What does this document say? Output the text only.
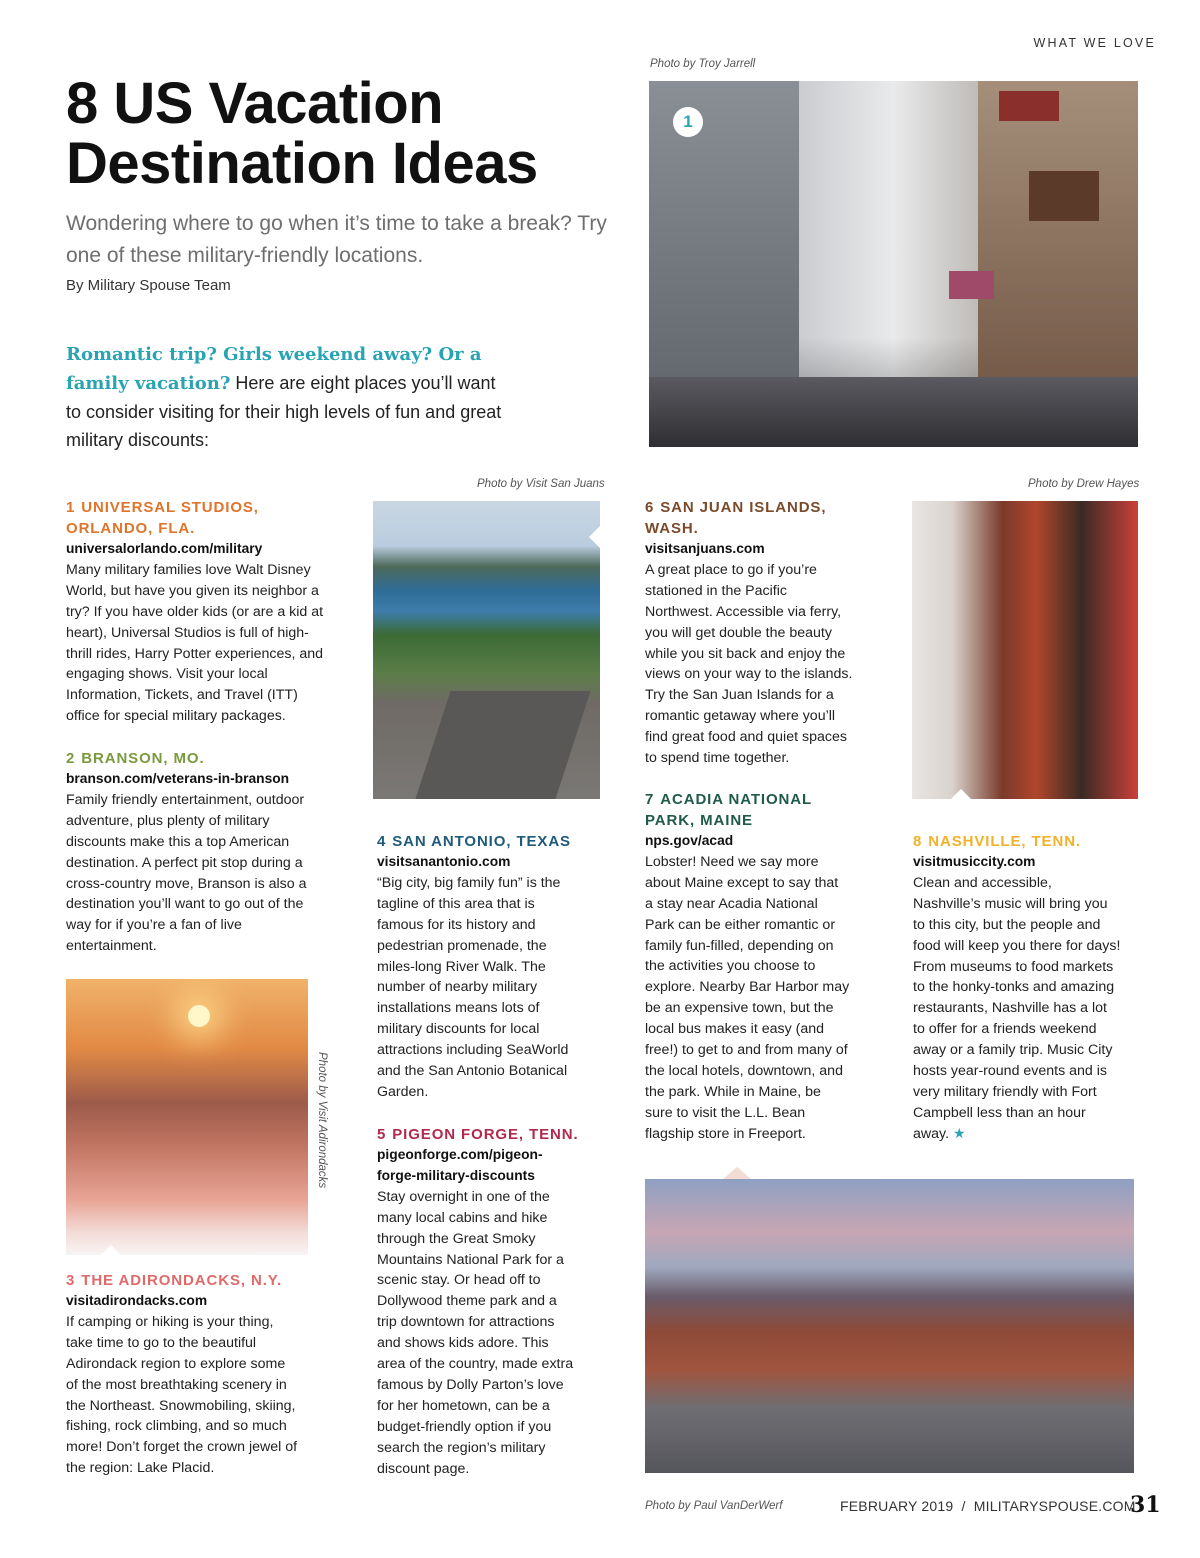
WHAT WE LOVE
8 US Vacation Destination Ideas
Wondering where to go when it’s time to take a break? Try one of these military-friendly locations.
By Military Spouse Team
Romantic trip? Girls weekend away? Or a family vacation? Here are eight places you’ll want to consider visiting for their high levels of fun and great military discounts:
Photo by Troy Jarrell
1
Photo by Visit San Juans	Photo by Drew Hayes
Photo by Visit Adirondacks
1 UNIVERSAL STUDIOS, ORLANDO, FLA.
universalorlando.com/military

Many military families love Walt Disney World, but have you given its neighbor a try? If you have older kids (or are a kid at heart), Universal Studios is full of high-thrill rides, Harry Potter experiences, and engaging shows. Visit your local Information, Tickets, and Travel (ITT) office for special military packages.

2 BRANSON, MO.
branson.com/veterans-in-branson

Family friendly entertainment, outdoor adventure, plus plenty of military discounts make this a top American destination. A perfect pit stop during a cross-country move, Branson is also a destination you’ll want to go out of the way for if you’re a fan of live entertainment.

3 THE ADIRONDACKS, N.Y.
visitadirondacks.com

If camping or hiking is your thing, take time to go to the beautiful Adirondack region to explore some of the most breathtaking scenery in the Northeast. Snowmobiling, skiing, fishing, rock climbing, and so much more! Don’t forget the crown jewel of the region: Lake Placid.

4 SAN ANTONIO, TEXAS
visitsanantonio.com

“Big city, big family fun” is the tagline of this area that is famous for its history and pedestrian promenade, the miles-long River Walk. The number of nearby military installations means lots of military discounts for local attractions including SeaWorld and the San Antonio Botanical Garden.

5 PIGEON FORGE, TENN.
pigeonforge.com/pigeon-forge-military-discounts

Stay overnight in one of the many local cabins and hike through the Great Smoky Mountains National Park for a scenic stay. Or head off to Dollywood theme park and a trip downtown for attractions and shows kids adore. This area of the country, made extra famous by Dolly Parton’s love for her hometown, can be a budget-friendly option if you search the region’s military discount page.

6 SAN JUAN ISLANDS, WASH.
visitsanjuans.com

A great place to go if you’re stationed in the Pacific Northwest. Accessible via ferry, you will get double the beauty while you sit back and enjoy the views on your way to the islands. Try the San Juan Islands for a romantic getaway where you’ll find great food and quiet spaces to spend time together.

7 ACADIA NATIONAL PARK, MAINE
nps.gov/acad

Lobster! Need we say more about Maine except to say that a stay near Acadia National Park can be either romantic or family fun-filled, depending on the activities you choose to explore. Nearby Bar Harbor may be an expensive town, but the local bus makes it easy (and free!) to get to and from many of the local hotels, downtown, and the park. While in Maine, be sure to visit the L.L. Bean flagship store in Freeport.

8 NASHVILLE, TENN.
visitmusiccity.com

Clean and accessible, Nashville’s music will bring you to this city, but the people and food will keep you there for days! From museums to food markets to the honky-tonks and amazing restaurants, Nashville has a lot to offer for a friends weekend away or a family trip. Music City hosts year-round events and is very military friendly with Fort Campbell less than an hour away. ★

Photo by Paul VanDerWerf	FEBRUARY 2019  /  MILITARYSPOUSE.COM
31
